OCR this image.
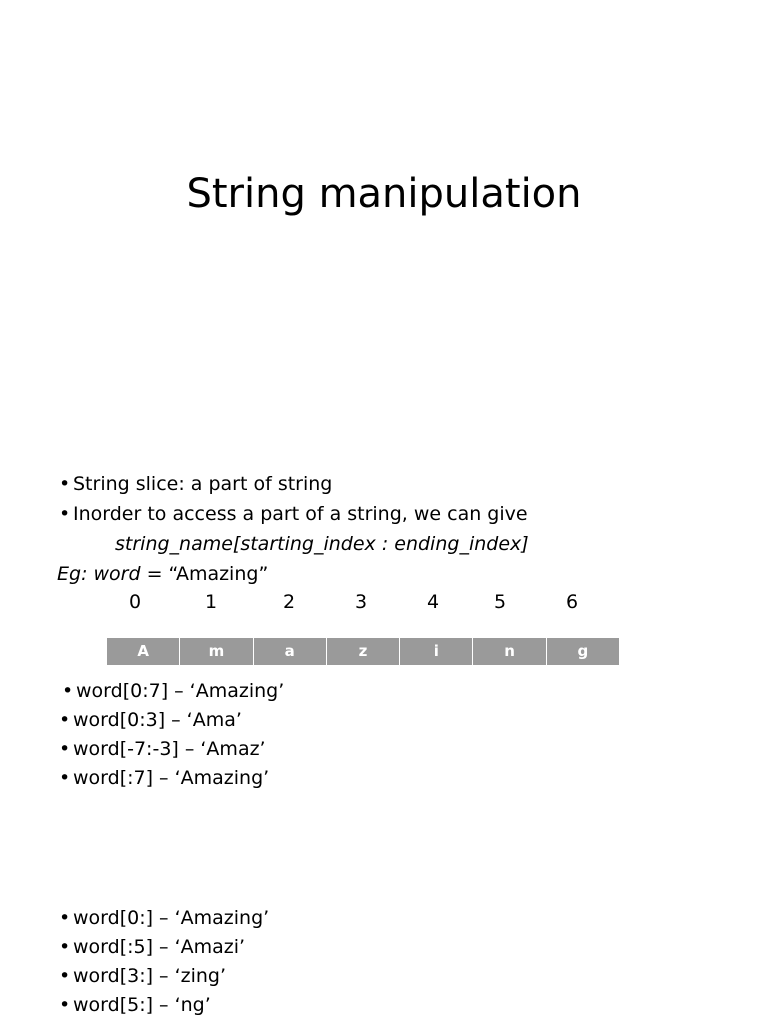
String manipulation
• String slice: a part of string
• Inorder to access a part of a string, we can give
string_name[starting_index : ending_index]
Eg: word = “Amazing”
0	1	2	3	4	5	6
A	m	a	z	i	n	g
• word[0:7] – ‘Amazing’
• word[0:3] – ‘Ama’
• word[-7:-3] – ‘Amaz’
• word[:7] – ‘Amazing’
• word[0:] – ‘Amazing’
• word[:5] – ‘Amazi’
• word[3:] – ‘zing’
• word[5:] – ‘ng’
